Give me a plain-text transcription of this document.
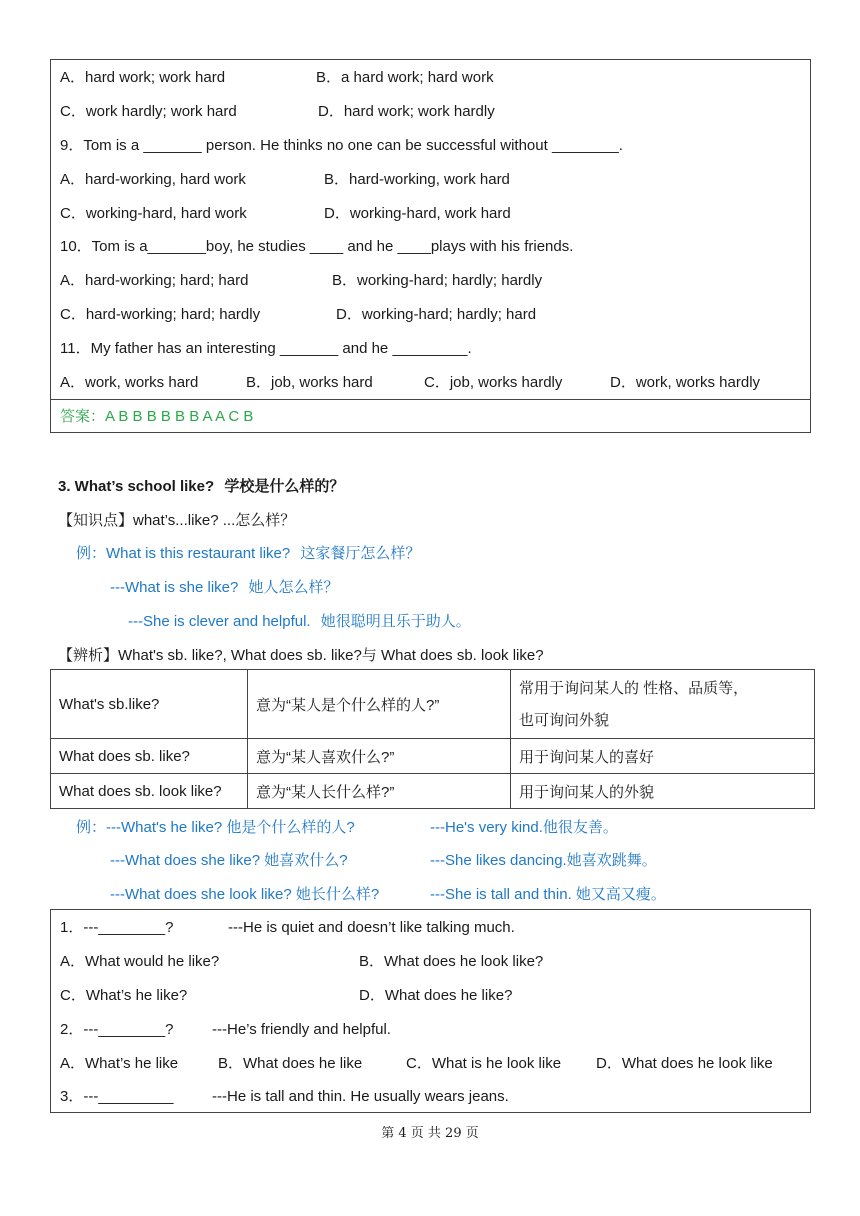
A．hard work; work hard	B．a hard work; hard work
C．work hardly; work hard	D．hard work; work hardly
9．Tom is a _______ person. He thinks no one can be successful without ________.
A．hard-working, hard work	B．hard-working, work hard
C．working-hard, hard work	D．working-hard, work hard
10．Tom is a_______boy, he studies ____ and he ____plays with his friends.
A．hard-working; hard; hard	B．working-hard; hardly; hardly
C．hard-working; hard; hardly	D．working-hard; hardly; hard
11．My father has an interesting _______ and he _________.
A．work, works hard	B．job, works hard	C．job, works hardly	D．work, works hardly
答案：A B B B B B B A A C B
3. What’s school like? 学校是什么样的？
【知识点】what’s...like? ...怎么样？
例：What is this restaurant like? 这家餐厅怎么样？
---What is she like? 她人怎么样？
---She is clever and helpful. 她很聪明且乐于助人。
【辨析】What's sb. like?, What does sb. like?与 What does sb. look like?
What's sb.like?	意为“某人是个什么样的人?”	常用于询问某人的 性格、品质等，
也可询问外貌

What does sb. like?	意为“某人喜欢什么?”	用于询问某人的喜好
What does sb. look like?	意为“某人长什么样?”	用于询问某人的外貌
例：---What's he like? 他是个什么样的人?	---He's very kind.他很友善。
---What does she like? 她喜欢什么?	---She likes dancing.她喜欢跳舞。
---What does she look like? 她长什么样?	---She is tall and thin. 她又高又瘦。
1．---________?	---He is quiet and doesn’t like talking much.
A．What would he like?	B．What does he look like?
C．What’s he like?	D．What does he like?
2．---________?	---He’s friendly and helpful.
A．What’s he like	B．What does he like	C．What is he look like D．What does he look like
3．---_________	---He is tall and thin. He usually wears jeans.
第 4 页 共 29 页
